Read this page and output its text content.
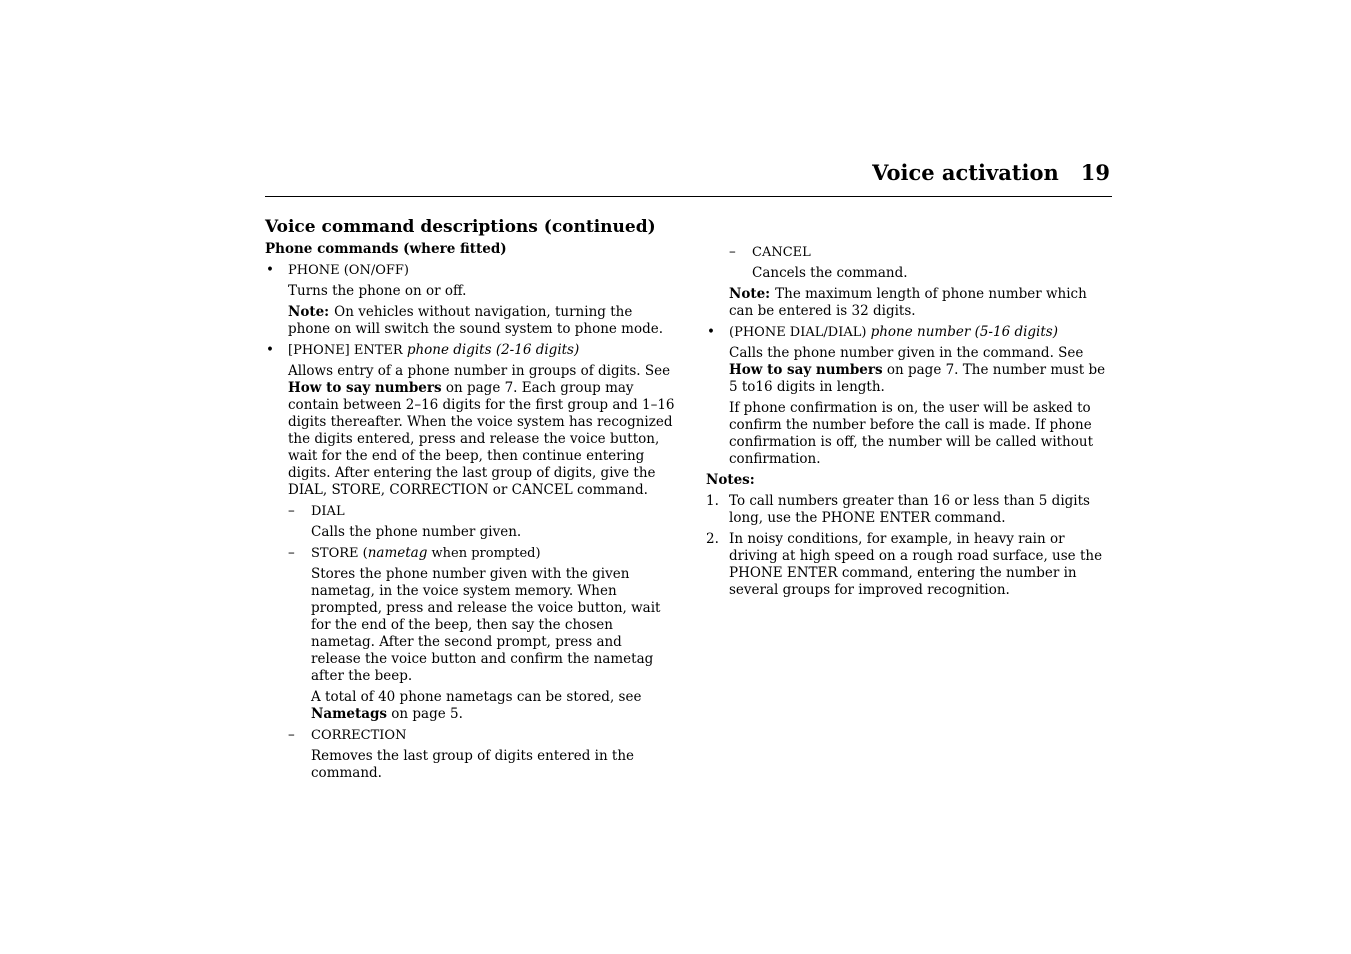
Voice activation 19
Voice command descriptions (continued)
Phone commands (where fitted)
• PHONE (ON/OFF)

Turns the phone on or off.

Note: On vehicles without navigation, turning the phone on will switch the sound system to phone mode.

• [PHONE] ENTER phone digits (2-16 digits)

Allows entry of a phone number in groups of digits. See How to say numbers on page 7. Each group may contain between 2–16 digits for the first group and 1–16 digits thereafter. When the voice system has recognized the digits entered, press and release the voice button, wait for the end of the beep, then continue entering digits. After entering the last group of digits, give the DIAL, STORE, CORRECTION or CANCEL command.

– DIAL

Calls the phone number given.

– STORE (nametag when prompted)

Stores the phone number given with the given nametag, in the voice system memory. When prompted, press and release the voice button, wait for the end of the beep, then say the chosen nametag. After the second prompt, press and release the voice button and confirm the nametag after the beep.

A total of 40 phone nametags can be stored, see Nametags on page 5.

– CORRECTION

Removes the last group of digits entered in the command.

– CANCEL

Cancels the command.

Note: The maximum length of phone number which can be entered is 32 digits.

• (PHONE DIAL/DIAL) phone number (5-16 digits)

Calls the phone number given in the command. See How to say numbers on page 7. The number must be 5 to16 digits in length.

If phone confirmation is on, the user will be asked to confirm the number before the call is made. If phone confirmation is off, the number will be called without confirmation.

Notes:
1. To call numbers greater than 16 or less than 5 digits long, use the PHONE ENTER command.
2. In noisy conditions, for example, in heavy rain or driving at high speed on a rough road surface, use the PHONE ENTER command, entering the number in several groups for improved recognition.
